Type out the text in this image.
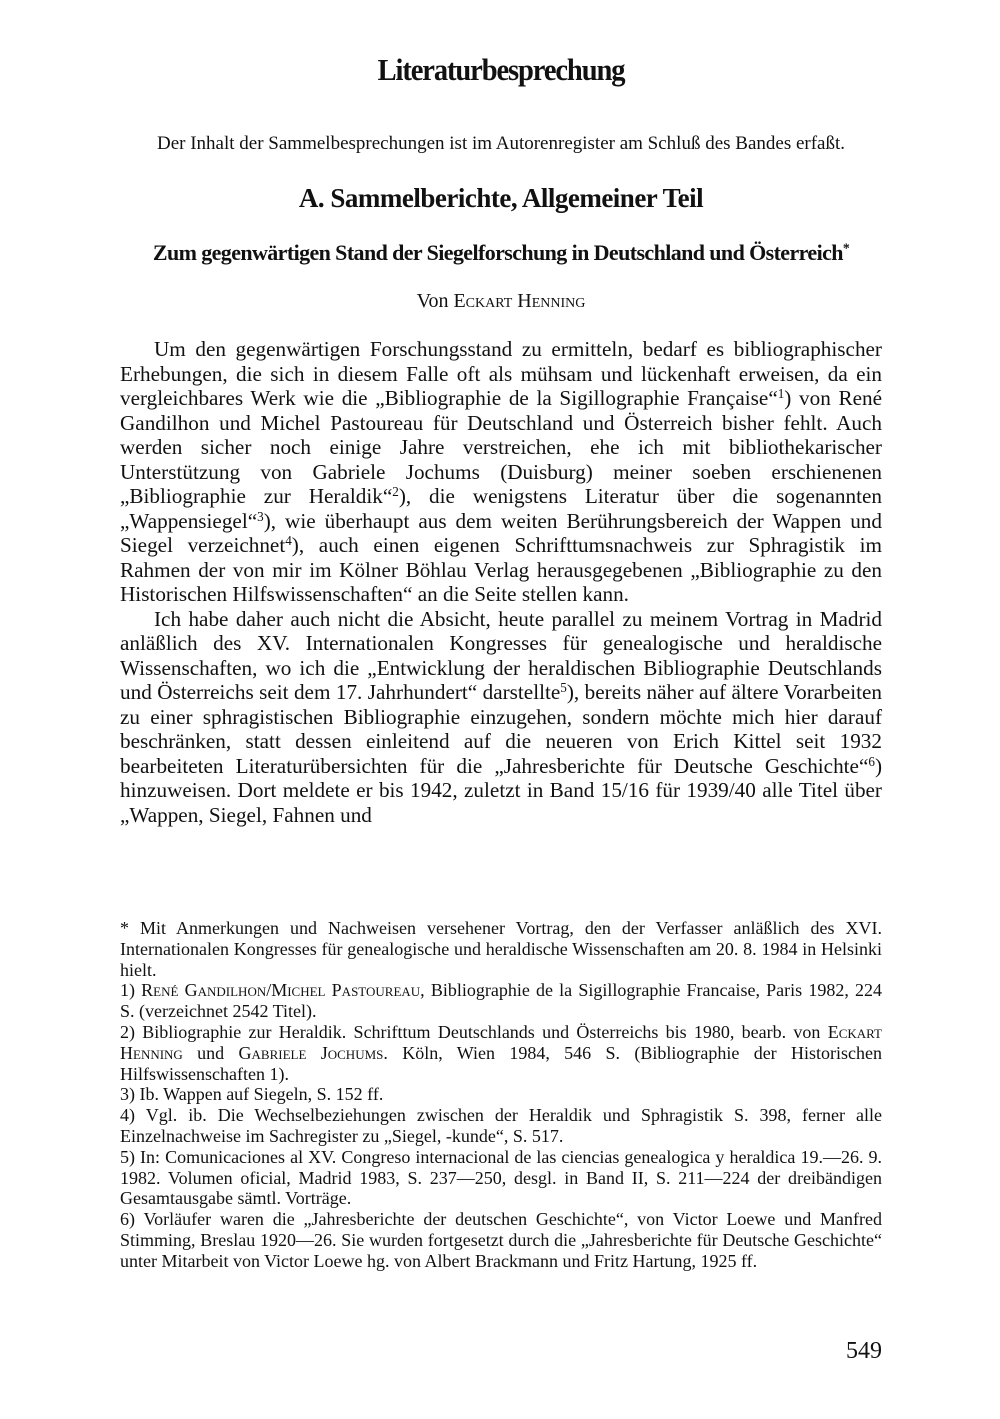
Literaturbesprechung
Der Inhalt der Sammelbesprechungen ist im Autorenregister am Schluß des Bandes erfaßt.
A. Sammelberichte, Allgemeiner Teil
Zum gegenwärtigen Stand der Siegelforschung in Deutschland und Österreich*
Von Eckart Henning

Um den gegenwärtigen Forschungsstand zu ermitteln, bedarf es bibliographischer Erhebungen, die sich in diesem Falle oft als mühsam und lückenhaft erweisen, da ein vergleichbares Werk wie die „Bibliographie de la Sigillographie Française“$^1$) von René Gandilhon und Michel Pastoureau für Deutschland und Österreich bisher fehlt. Auch werden sicher noch einige Jahre verstreichen, ehe ich mit bibliothekarischer Unterstützung von Gabriele Jochums (Duisburg) meiner soeben erschienenen „Bibliographie zur Heraldik“$^2$), die wenigstens Literatur über die sogenannten „Wappensiegel“$^3$), wie überhaupt aus dem weiten Berührungsbereich der Wappen und Siegel verzeichnet$^4$), auch einen eigenen Schrifttumsnachweis zur Sphragistik im Rahmen der von mir im Kölner Böhlau Verlag herausgegebenen „Bibliographie zu den Historischen Hilfswissenschaften“ an die Seite stellen kann.

Ich habe daher auch nicht die Absicht, heute parallel zu meinem Vortrag in Madrid anläßlich des XV. Internationalen Kongresses für genealogische und heraldische Wissenschaften, wo ich die „Entwicklung der heraldischen Bibliographie Deutschlands und Österreichs seit dem 17. Jahrhundert“ darstellte$^5$), bereits näher auf ältere Vorarbeiten zu einer sphragistischen Bibliographie einzugehen, sondern möchte mich hier darauf beschränken, statt dessen einleitend auf die neueren von Erich Kittel seit 1932 bearbeiteten Literaturübersichten für die „Jahresberichte für Deutsche Geschichte“$^6$) hinzuweisen. Dort meldete er bis 1942, zuletzt in Band 15/16 für 1939/40 alle Titel über „Wappen, Siegel, Fahnen und

* Mit Anmerkungen und Nachweisen versehener Vortrag, den der Verfasser anläßlich des XVI. Internationalen Kongresses für genealogische und heraldische Wissenschaften am 20. 8. 1984 in Helsinki hielt.

1) René Gandilhon/Michel Pastoureau, Bibliographie de la Sigillographie Francaise, Paris 1982, 224 S. (verzeichnet 2542 Titel).

2) Bibliographie zur Heraldik. Schrifttum Deutschlands und Österreichs bis 1980, bearb. von Eckart Henning und Gabriele Jochums. Köln, Wien 1984, 546 S. (Bibliographie der Historischen Hilfswissenschaften 1).

3) Ib. Wappen auf Siegeln, S. 152 ff.

4) Vgl. ib. Die Wechselbeziehungen zwischen der Heraldik und Sphragistik S. 398, ferner alle Einzelnachweise im Sachregister zu „Siegel, -kunde“, S. 517.

5) In: Comunicaciones al XV. Congreso internacional de las ciencias genealogica y heraldica 19.—26. 9. 1982. Volumen oficial, Madrid 1983, S. 237—250, desgl. in Band II, S. 211—224 der dreibändigen Gesamtausgabe sämtl. Vorträge.

6) Vorläufer waren die „Jahresberichte der deutschen Geschichte“, von Victor Loewe und Manfred Stimming, Breslau 1920—26. Sie wurden fortgesetzt durch die „Jahresberichte für Deutsche Geschichte“ unter Mitarbeit von Victor Loewe hg. von Albert Brackmann und Fritz Hartung, 1925 ff.

549
